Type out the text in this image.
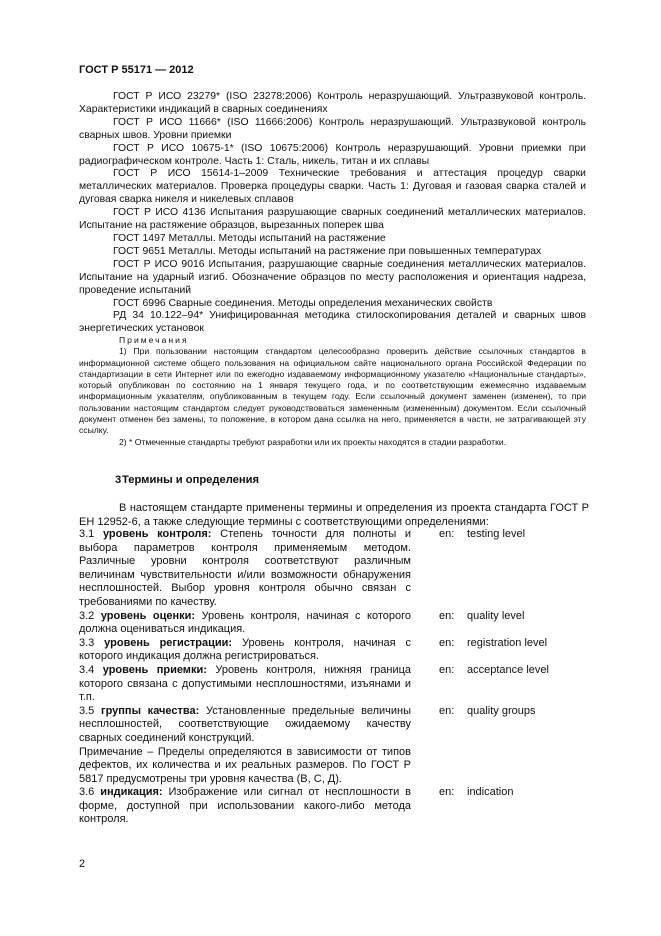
ГОСТ Р 55171 — 2012

ГОСТ Р ИСО 23279* (ISO 23278:2006) Контроль неразрушающий. Ультразвуковой контроль. Характеристики индикаций в сварных соединениях

ГОСТ Р ИСО 11666* (ISO 11666:2006) Контроль неразрушающий. Ультразвуковой контроль сварных швов. Уровни приемки

ГОСТ Р ИСО 10675-1* (ISO 10675:2006) Контроль неразрушающий. Уровни приемки при радиографическом контроле. Часть 1: Сталь, никель, титан и их сплавы

ГОСТ Р ИСО 15614-1–2009 Технические требования и аттестация процедур сварки металлических материалов. Проверка процедуры сварки. Часть 1: Дуговая и газовая сварка сталей и дуговая сварка никеля и никелевых сплавов

ГОСТ Р ИСО 4136 Испытания разрушающие сварных соединений металлических материалов. Испытание на растяжение образцов, вырезанных поперек шва

ГОСТ 1497 Металлы. Методы испытаний на растяжение

ГОСТ 9651 Металлы. Методы испытаний на растяжение при повышенных температурах

ГОСТ Р ИСО 9016 Испытания, разрушающие сварные соединения металлических материалов. Испытание на ударный изгиб. Обозначение образцов по месту расположения и ориентация надреза, проведение испытаний

ГОСТ 6996 Сварные соединения. Методы определения механических свойств

РД 34 10.122–94* Унифицированная методика стилоскопирования деталей и сварных швов энергетических установок

Примечания

1) При пользовании настоящим стандартом целесообразно проверить действие ссылочных стандартов в информационной системе общего пользования на официальном сайте национального органа Российской Федерации по стандартизации в сети Интернет или по ежегодно издаваемому информационному указателю «Национальные стандарты», который опубликован по состоянию на 1 января текущего года, и по соответствующим ежемесячно издаваемым информационным указателям, опубликованным в текущем году. Если ссылочный документ заменен (изменен), то при пользовании настоящим стандартом следует руководствоваться замененным (измененным) документом. Если ссылочный документ отменен без замены, то положение, в котором дана ссылка на него, применяется в части, не затрагивающей эту ссылку.

2) * Отмеченные стандарты требуют разработки или их проекты находятся в стадии разработки.

3Термины и определения

В настоящем стандарте применены термины и определения из проекта стандарта ГОСТ Р ЕН 12952-6, а также следующие термины с соответствующими определениями:

3.1 уровень контроля: Степень точности для полноты и выбора параметров контроля применяемым методом. Различные уровни контроля соответствуют различным величинам чувствительности и/или возможности обнаружения несплошностей. Выбор уровня контроля обычно связан с требованиями по качеству.
en: testing level
3.2 уровень оценки: Уровень контроля, начиная с которого должна оцениваться индикация.
en: quality level
3.3 уровень регистрации: Уровень контроля, начиная с которого индикация должна регистрироваться.
en: registration level
3.4 уровень приемки: Уровень контроля, нижняя граница которого связана с допустимыми несплошностями, изъянами и т.п.
en: acceptance level
3.5 группы качества: Установленные предельные величины несплошностей, соответствующие ожидаемому качеству сварных соединений конструкций.
en: quality groups
Примечание – Пределы определяются в зависимости от типов дефектов, их количества и их реальных размеров. По ГОСТ Р 5817 предусмотрены три уровня качества (В, С, Д).
3.6 индикация: Изображение или сигнал от несплошности в форме, доступной при использовании какого-либо метода контроля.
en: indication
2
